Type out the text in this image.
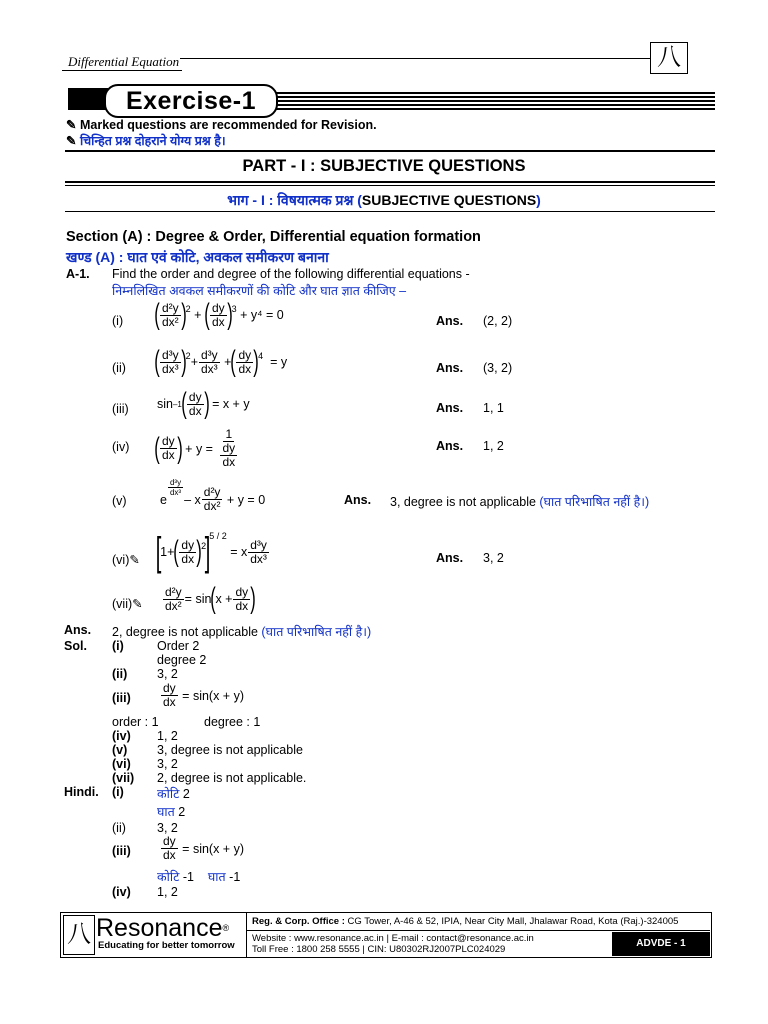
Differential Equation	八
Exercise-1
✎ Marked questions are recommended for Revision.
✎ चिन्हित प्रश्न दोहराने योग्य प्रश्न है।
PART - I : SUBJECTIVE QUESTIONS
भाग - I : विषयात्मक प्रश्न (SUBJECTIVE QUESTIONS)
Section (A) : Degree & Order, Differential equation formation
खण्ड (A) : घात एवं कोटि, अवकल समीकरण बनाना
A-1. Find the order and degree of the following differential equations -
निम्नलिखित अवकल समीकरणों की कोटि और घात ज्ञात कीजिए –
(i) ( $\frac{\text{d²y}}{\text{dx²}}$ ) 2
+
( $\frac{dy}{dx}$ ) 3
+ y⁴ = 0	Ans. (2, 2)
(ii) ( $\frac{\text{d³y}}{\text{dx³}}$ ) $2 + \frac{\text{d³y}}{\text{dx³}}$
+ ( $\frac{dy}{dx}$ ) 4
= y	Ans. (3, 2)
(iii) sin –1 ( $\frac{dy}{dx}$ )
= x + y	Ans. 1, 1
(iv) ( $\frac{dy}{dx}$ )
+ y =
$\frac{1}{\frac{dy}{dx}}$	Ans. 1, 2
(v)	e
$\frac{\text{d³y}}{\text{dx³}}$
– x $\frac{\text{d²y}}{\text{dx²}}$
+ y = 0	Ans. 3, degree is not applicable (घात परिभाषित नहीं है।)
(vi)✎ [
1+ ( $\frac{dy}{dx}$ ) 2
]
5 / 2

= x $\frac{\text{d³y}}{\text{dx³}}$	Ans. 3, 2
(vii)✎ $\frac{\text{d²y}}{\text{dx²}} = \sin$ ( $x + \frac{dy}{dx}$ )
Ans. 2, degree is not applicable (घात परिभाषित नहीं है।)
Sol. (i)	Order 2
degree 2
(ii) 3, 2
(iii)	$\frac{dy}{dx}$
= sin(x + y)
order : 1	degree : 1
(iv) 1, 2
(v) 3, degree is not applicable
(vi) 3, 2
(vii) 2, degree is not applicable.
Hindi. (i)	कोटि 2
घात 2
(ii) 3, 2
(iii)	$\frac{dy}{dx}$
= sin(x + y)
कोटि -1 घात -1
(iv) 1, 2
八 Resonance®
Educating for better tomorrow
Reg. & Corp. Office : CG Tower, A-46 & 52, IPIA, Near City Mall, Jhalawar Road, Kota (Raj.)-324005
Website : www.resonance.ac.in | E-mail : contact@resonance.ac.in
Toll Free : 1800 258 5555 | CIN: U80302RJ2007PLC024029
ADVDE - 1
